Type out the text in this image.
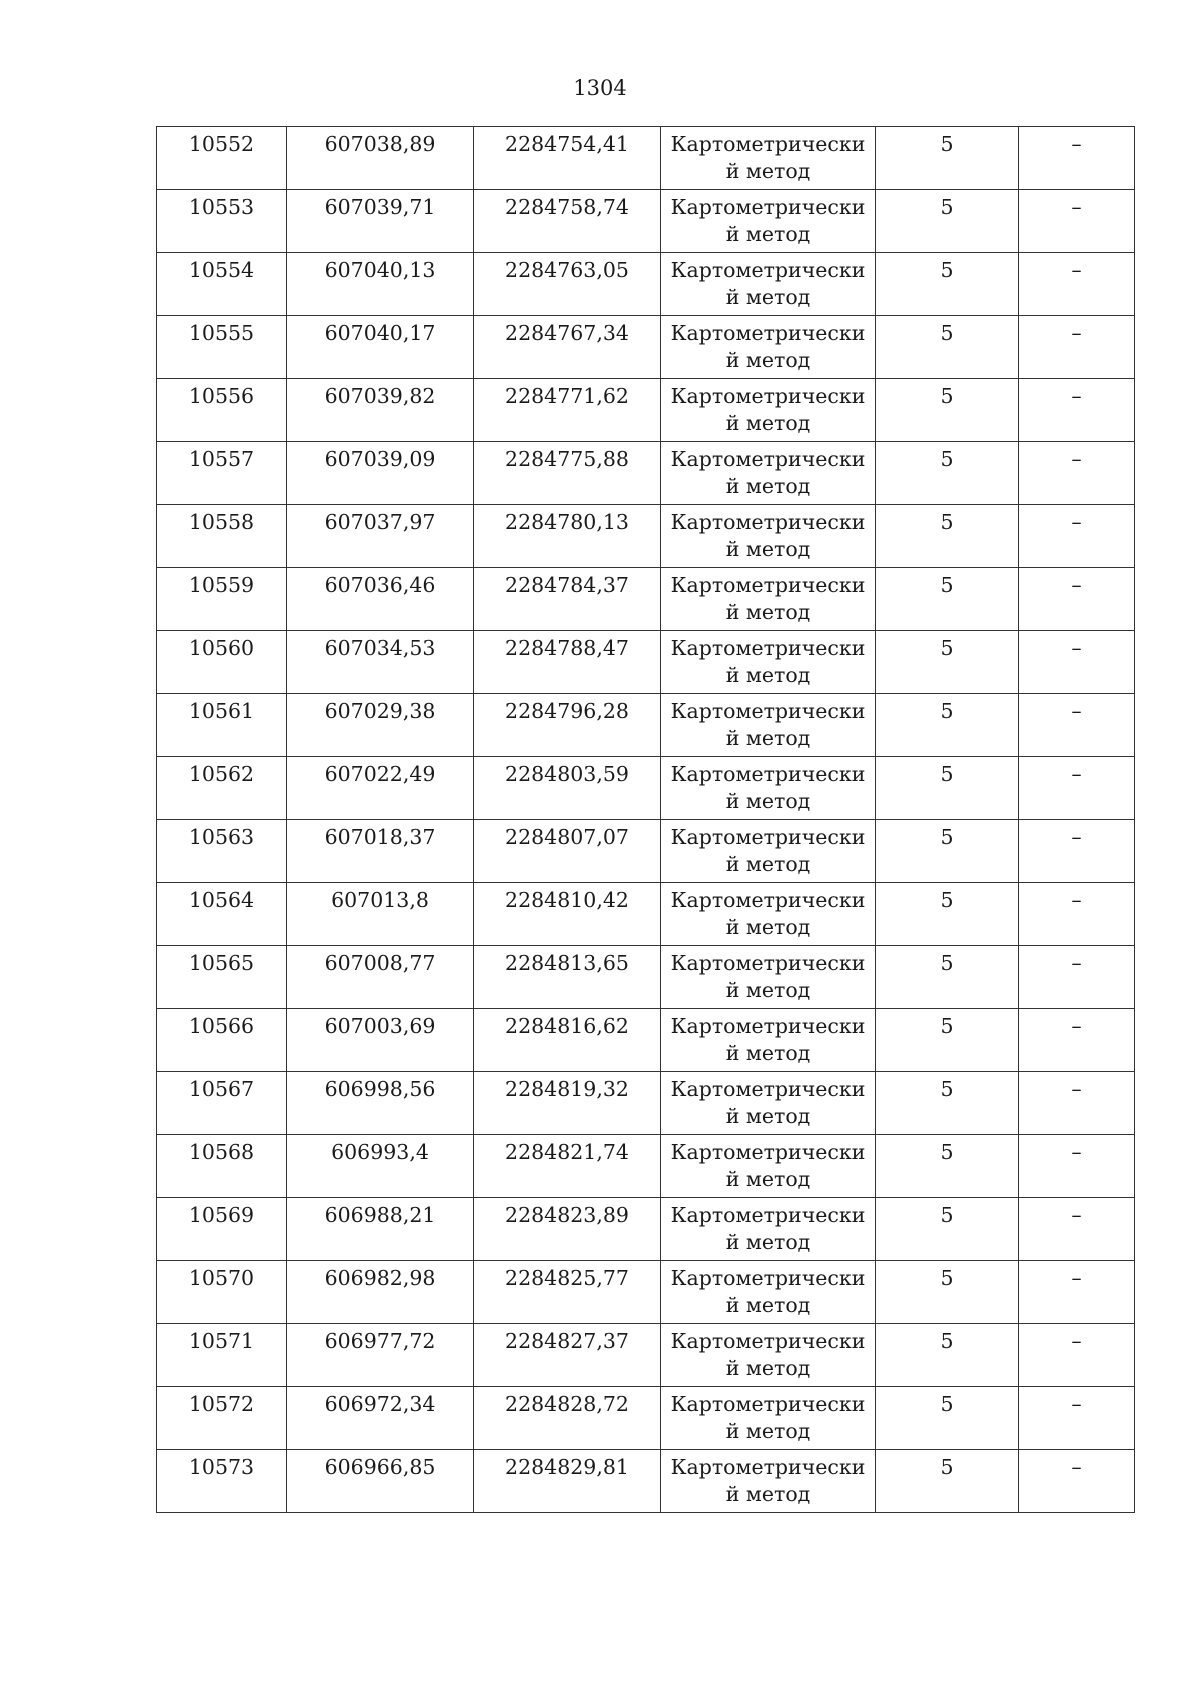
1304
10552	607038,89	2284754,41	Картометрический метод	5	–
10553	607039,71	2284758,74	Картометрический метод	5	–
10554	607040,13	2284763,05	Картометрический метод	5	–
10555	607040,17	2284767,34	Картометрический метод	5	–
10556	607039,82	2284771,62	Картометрический метод	5	–
10557	607039,09	2284775,88	Картометрический метод	5	–
10558	607037,97	2284780,13	Картометрический метод	5	–
10559	607036,46	2284784,37	Картометрический метод	5	–
10560	607034,53	2284788,47	Картометрический метод	5	–
10561	607029,38	2284796,28	Картометрический метод	5	–
10562	607022,49	2284803,59	Картометрический метод	5	–
10563	607018,37	2284807,07	Картометрический метод	5	–
10564	607013,8	2284810,42	Картометрический метод	5	–
10565	607008,77	2284813,65	Картометрический метод	5	–
10566	607003,69	2284816,62	Картометрический метод	5	–
10567	606998,56	2284819,32	Картометрический метод	5	–
10568	606993,4	2284821,74	Картометрический метод	5	–
10569	606988,21	2284823,89	Картометрический метод	5	–
10570	606982,98	2284825,77	Картометрический метод	5	–
10571	606977,72	2284827,37	Картометрический метод	5	–
10572	606972,34	2284828,72	Картометрический метод	5	–
10573	606966,85	2284829,81	Картометрический метод	5	–
